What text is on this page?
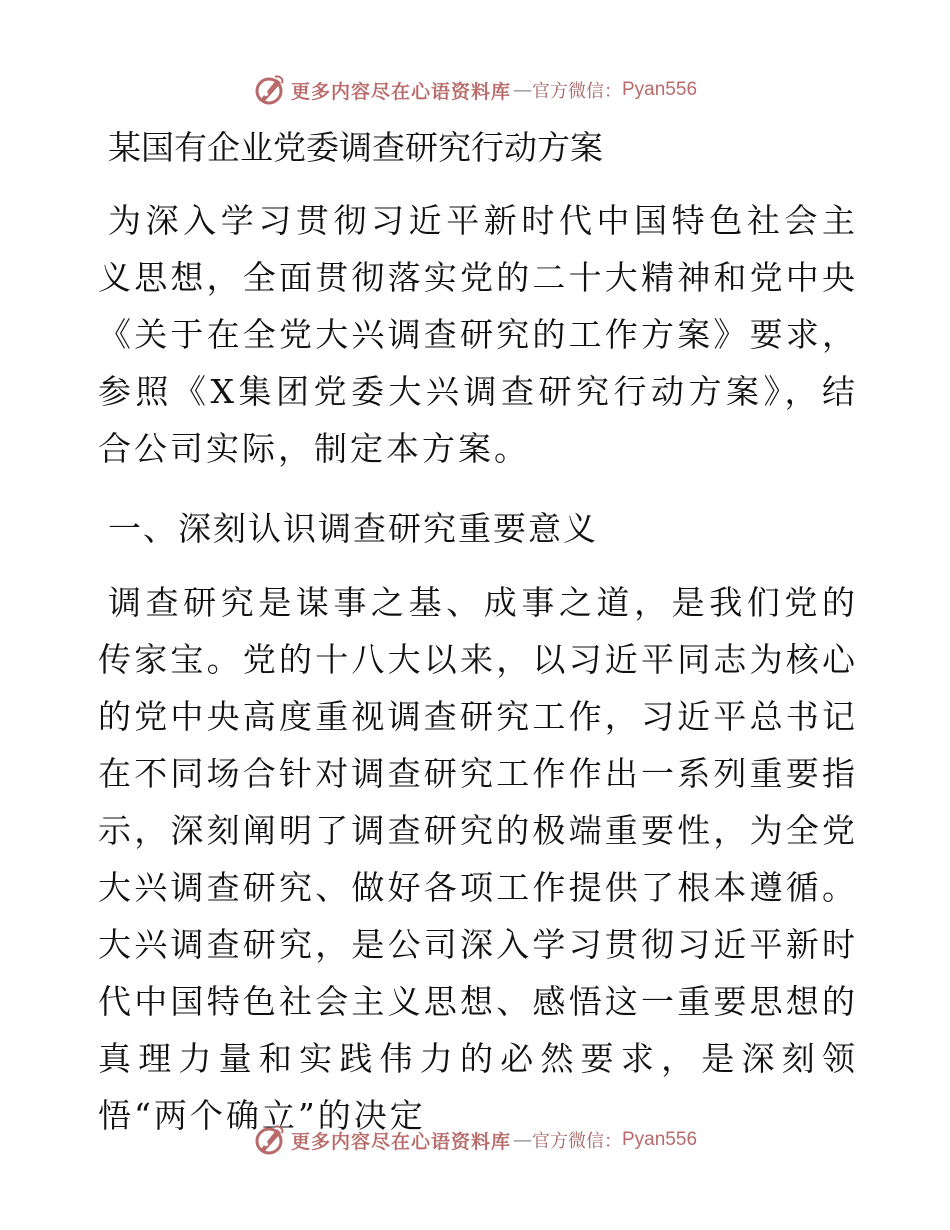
更多内容尽在心语资料库 — 官方微信： Pyan556
某国有企业党委调查研究行动方案
为深入学习贯彻习近平新时代中国特色社会主义思想，全面贯彻落实党的二十大精神和党中央《关于在全党大兴调查研究的工作方案》要求，参照《X集团党委大兴调查研究行动方案》，结合公司实际，制定本方案。
一、深刻认识调查研究重要意义
调查研究是谋事之基、成事之道，是我们党的传家宝。党的十八大以来，以习近平同志为核心的党中央高度重视调查研究工作，习近平总书记在不同场合针对调查研究工作作出一系列重要指示，深刻阐明了调查研究的极端重要性，为全党大兴调查研究、做好各项工作提供了根本遵循。大兴调查研究，是公司深入学习贯彻习近平新时代中国特色社会主义思想、感悟这一重要思想的真理力量和实践伟力的必然要求，是深刻领悟“两个确立”的决定
更多内容尽在心语资料库 — 官方微信： Pyan556
